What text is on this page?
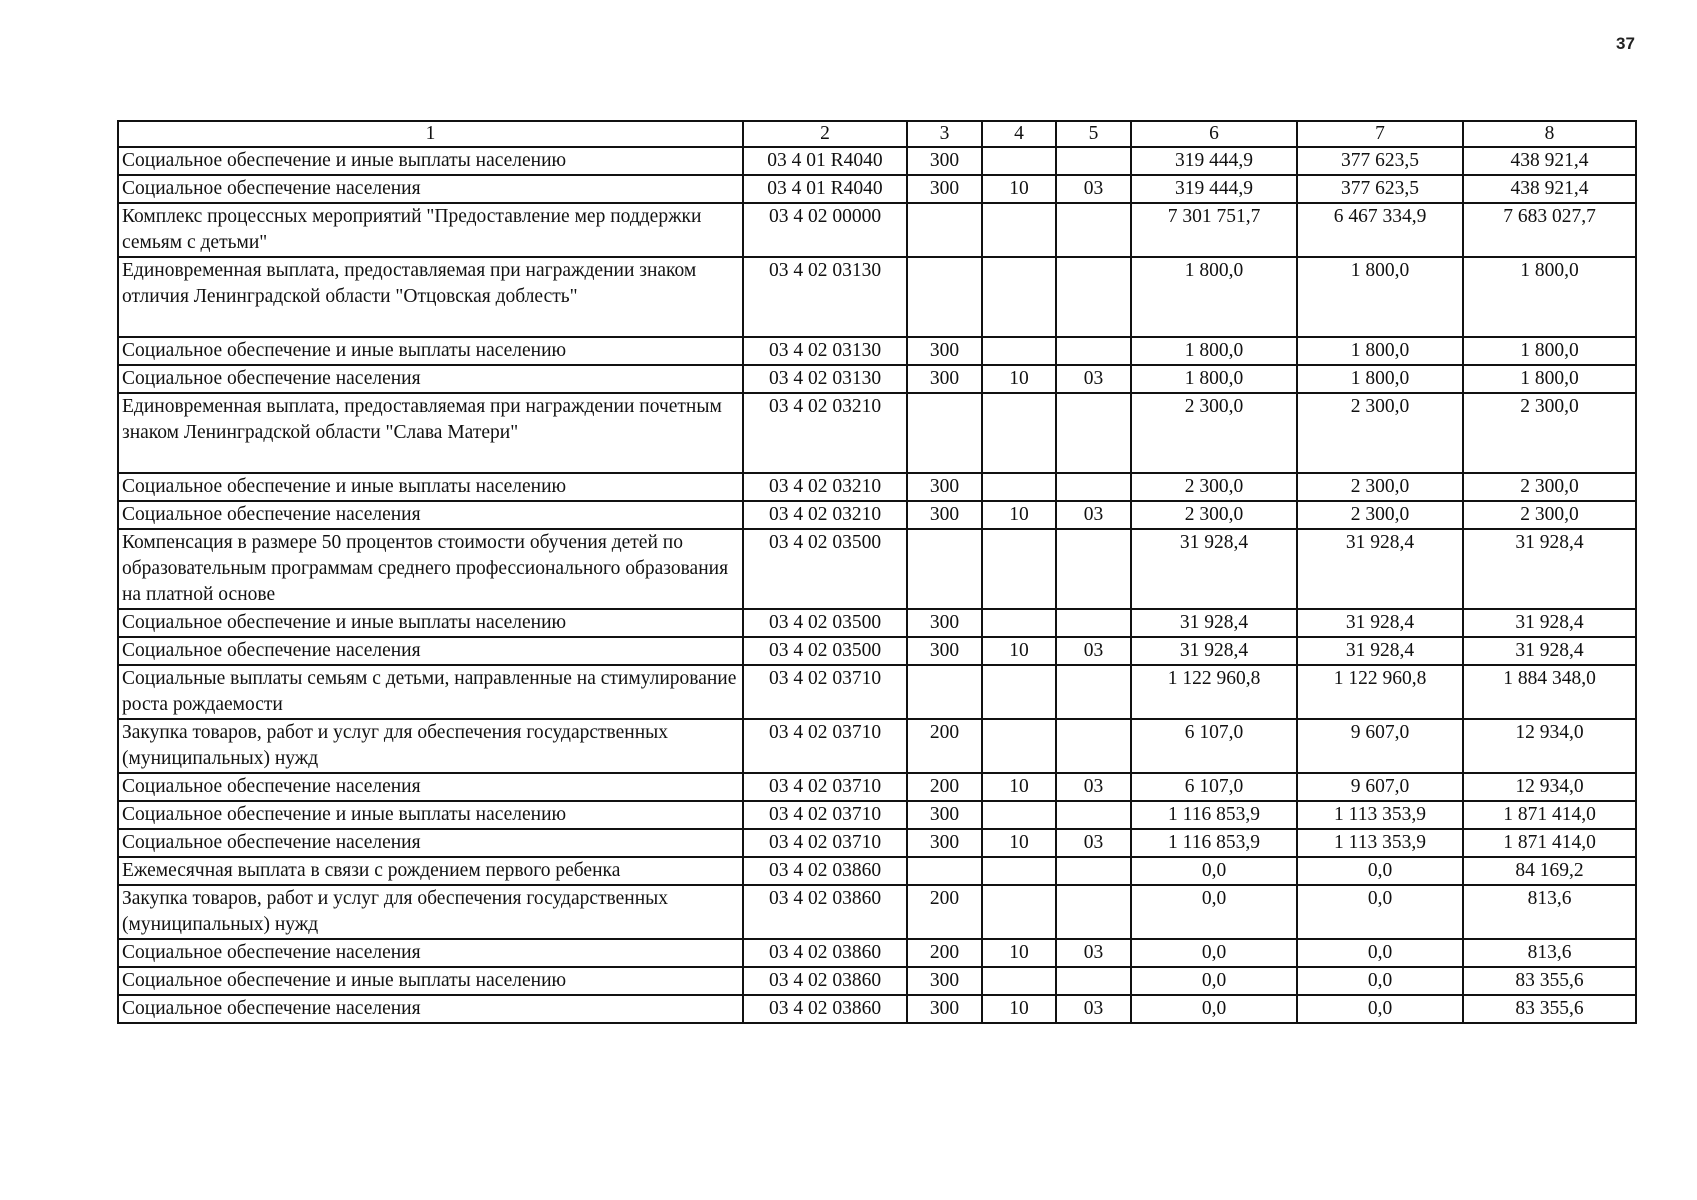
37
1	2	3	4	5	6	7	8
Социальное обеспечение и иные выплаты населению	03 4 01 R4040	300			319 444,9	377 623,5	438 921,4
Социальное обеспечение населения	03 4 01 R4040	300	10	03	319 444,9	377 623,5	438 921,4
Комплекс процессных мероприятий "Предоставление мер поддержки семьям с детьми"	03 4 02 00000				7 301 751,7	6 467 334,9	7 683 027,7
Единовременная выплата, предоставляемая при награждении знаком отличия Ленинградской области "Отцовская доблесть"	03 4 02 03130				1 800,0	1 800,0	1 800,0
Социальное обеспечение и иные выплаты населению	03 4 02 03130	300			1 800,0	1 800,0	1 800,0
Социальное обеспечение населения	03 4 02 03130	300	10	03	1 800,0	1 800,0	1 800,0
Единовременная выплата, предоставляемая при награждении почетным знаком Ленинградской области "Слава Матери"	03 4 02 03210				2 300,0	2 300,0	2 300,0
Социальное обеспечение и иные выплаты населению	03 4 02 03210	300			2 300,0	2 300,0	2 300,0
Социальное обеспечение населения	03 4 02 03210	300	10	03	2 300,0	2 300,0	2 300,0
Компенсация в размере 50 процентов стоимости обучения детей по образовательным программам среднего профессионального образования на платной основе	03 4 02 03500				31 928,4	31 928,4	31 928,4
Социальное обеспечение и иные выплаты населению	03 4 02 03500	300			31 928,4	31 928,4	31 928,4
Социальное обеспечение населения	03 4 02 03500	300	10	03	31 928,4	31 928,4	31 928,4
Социальные выплаты семьям с детьми, направленные на стимулирование роста рождаемости	03 4 02 03710				1 122 960,8	1 122 960,8	1 884 348,0
Закупка товаров, работ и услуг для обеспечения государственных (муниципальных) нужд	03 4 02 03710	200			6 107,0	9 607,0	12 934,0
Социальное обеспечение населения	03 4 02 03710	200	10	03	6 107,0	9 607,0	12 934,0
Социальное обеспечение и иные выплаты населению	03 4 02 03710	300			1 116 853,9	1 113 353,9	1 871 414,0
Социальное обеспечение населения	03 4 02 03710	300	10	03	1 116 853,9	1 113 353,9	1 871 414,0
Ежемесячная выплата в связи с рождением первого ребенка	03 4 02 03860				0,0	0,0	84 169,2
Закупка товаров, работ и услуг для обеспечения государственных (муниципальных) нужд	03 4 02 03860	200			0,0	0,0	813,6
Социальное обеспечение населения	03 4 02 03860	200	10	03	0,0	0,0	813,6
Социальное обеспечение и иные выплаты населению	03 4 02 03860	300			0,0	0,0	83 355,6
Социальное обеспечение населения	03 4 02 03860	300	10	03	0,0	0,0	83 355,6
